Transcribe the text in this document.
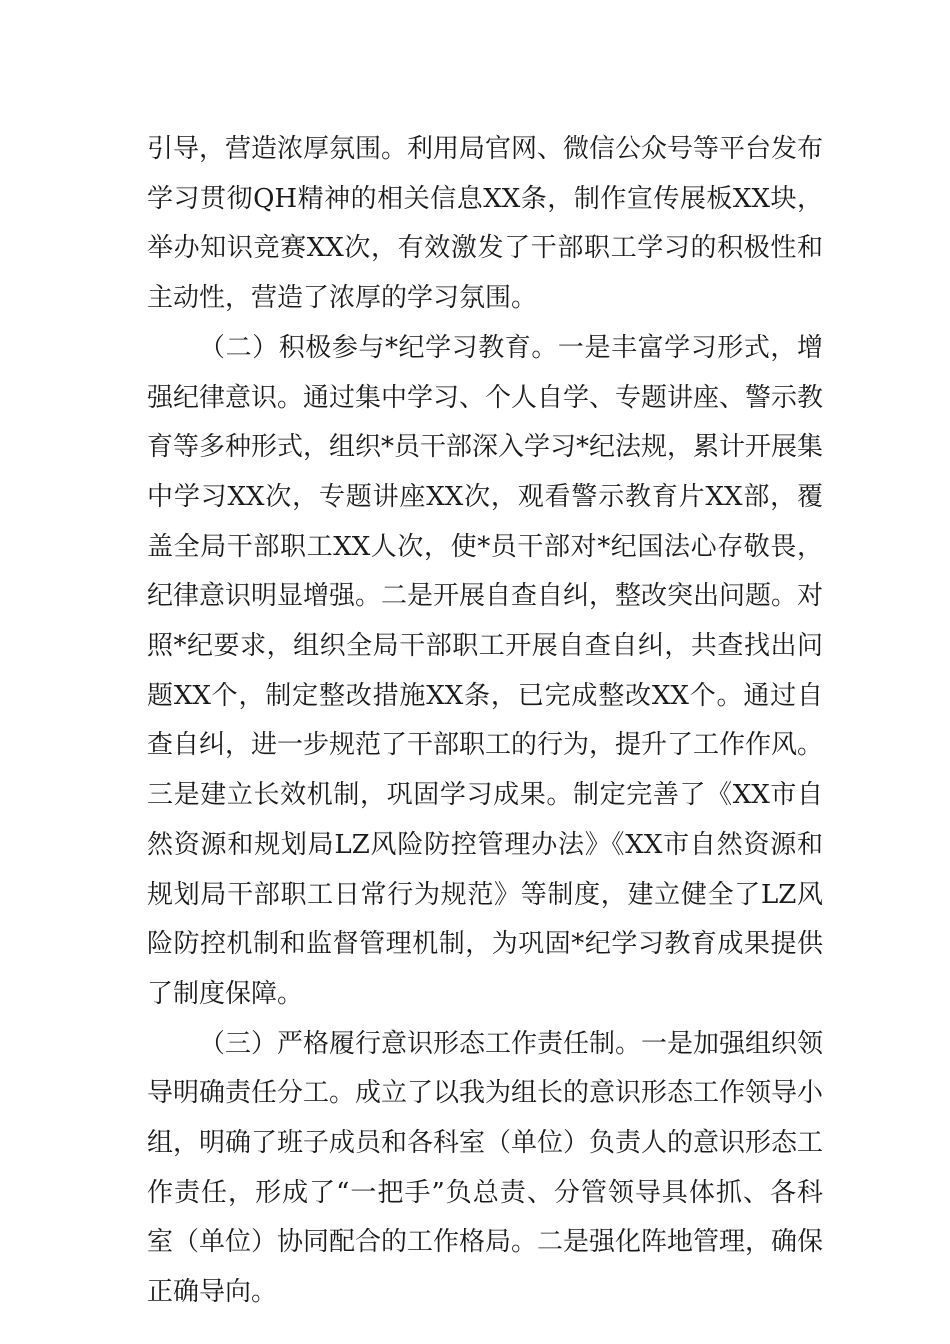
引导，营造浓厚氛围。利用局官网、微信公众号等平台发布学习贯彻QH精神的相关信息XX条，制作宣传展板XX块，举办知识竞赛XX次，有效激发了干部职工学习的积极性和主动性，营造了浓厚的学习氛围。

（二）积极参与*纪学习教育。一是丰富学习形式，增强纪律意识。通过集中学习、个人自学、专题讲座、警示教育等多种形式，组织*员干部深入学习*纪法规，累计开展集中学习XX次，专题讲座XX次，观看警示教育片XX部，覆盖全局干部职工XX人次，使*员干部对*纪国法心存敬畏，纪律意识明显增强。二是开展自查自纠，整改突出问题。对照*纪要求，组织全局干部职工开展自查自纠，共查找出问题XX个，制定整改措施XX条，已完成整改XX个。通过自查自纠，进一步规范了干部职工的行为，提升了工作作风。三是建立长效机制，巩固学习成果。制定完善了《XX市自然资源和规划局LZ风险防控管理办法》《XX市自然资源和规划局干部职工日常行为规范》等制度，建立健全了LZ风险防控机制和监督管理机制，为巩固*纪学习教育成果提供了制度保障。

（三）严格履行意识形态工作责任制。一是加强组织领导明确责任分工。成立了以我为组长的意识形态工作领导小组，明确了班子成员和各科室（单位）负责人的意识形态工作责任，形成了“一把手”负总责、分管领导具体抓、各科室（单位）协同配合的工作格局。二是强化阵地管理，确保正确导向。
